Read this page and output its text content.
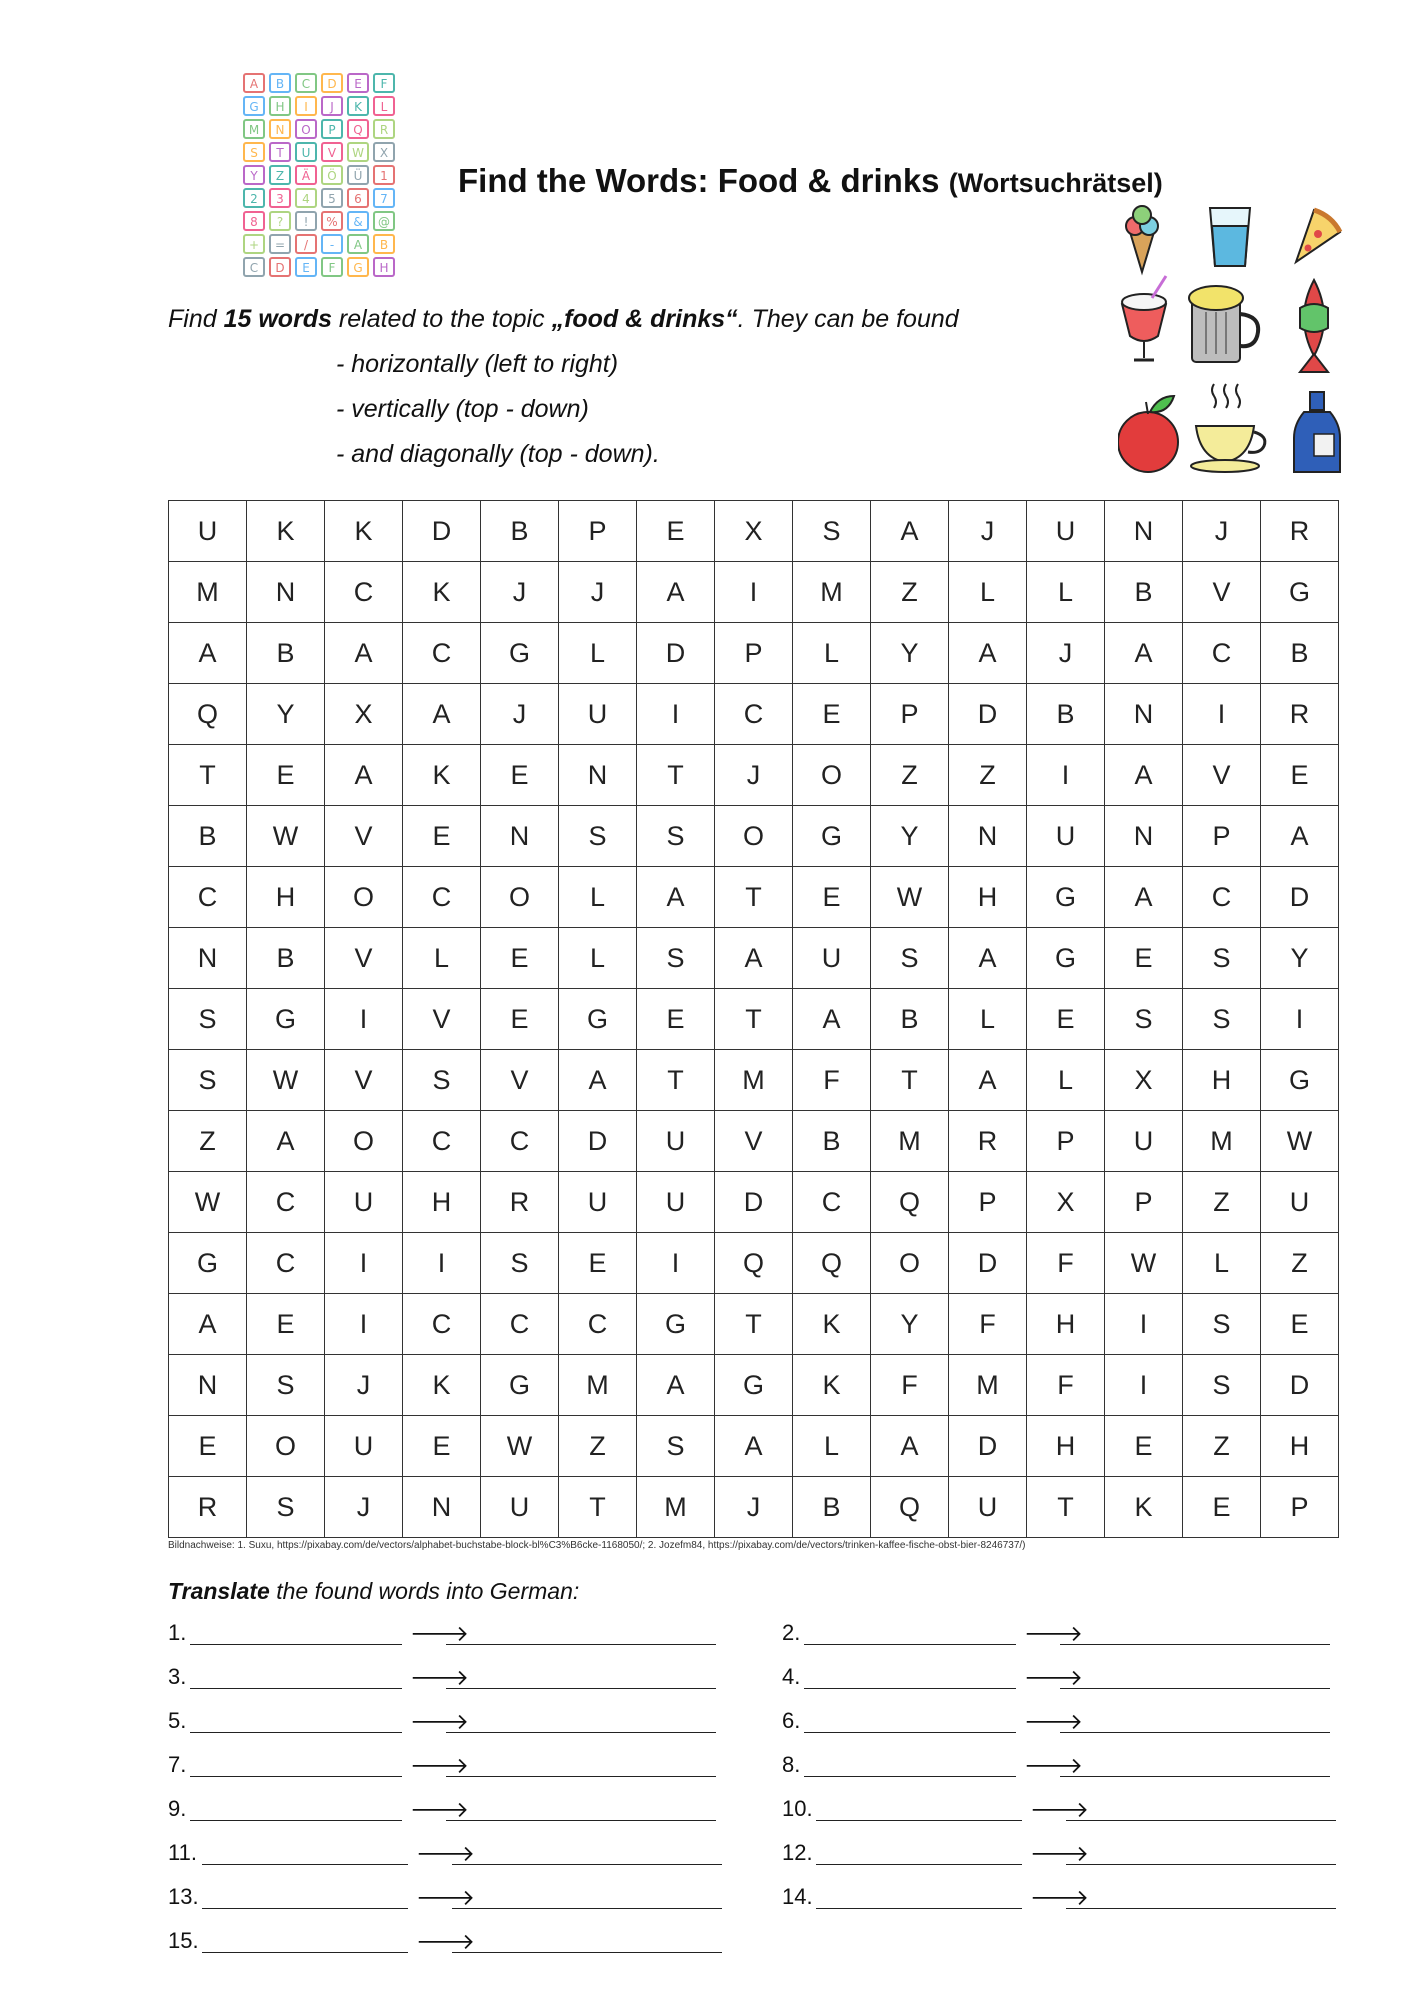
A B C D E F
G H I J K L
M N O P Q R
S T U V W X
Y Z Ä Ö Ü 1
2 3 4 5 6 7
8 ? ! % & @
+ = / - A B
C D E F G H
Find the Words: Food & drinks (Wortsuchrätsel)
Find 15 words related to the topic „food & drinks“. They can be found
- horizontally (left to right)
- vertically (top - down)
- and diagonally (top - down).
U	K	K	D	B	P	E	X	S	A	J	U	N	J	R
M	N	C	K	J	J	A	I	M	Z	L	L	B	V	G
A	B	A	C	G	L	D	P	L	Y	A	J	A	C	B
Q	Y	X	A	J	U	I	C	E	P	D	B	N	I	R
T	E	A	K	E	N	T	J	O	Z	Z	I	A	V	E
B	W	V	E	N	S	S	O	G	Y	N	U	N	P	A
C	H	O	C	O	L	A	T	E	W	H	G	A	C	D
N	B	V	L	E	L	S	A	U	S	A	G	E	S	Y
S	G	I	V	E	G	E	T	A	B	L	E	S	S	I
S	W	V	S	V	A	T	M	F	T	A	L	X	H	G
Z	A	O	C	C	D	U	V	B	M	R	P	U	M	W
W	C	U	H	R	U	U	D	C	Q	P	X	P	Z	U
G	C	I	I	S	E	I	Q	Q	O	D	F	W	L	Z
A	E	I	C	C	C	G	T	K	Y	F	H	I	S	E
N	S	J	K	G	M	A	G	K	F	M	F	I	S	D
E	O	U	E	W	Z	S	A	L	A	D	H	E	Z	H
R	S	J	N	U	T	M	J	B	Q	U	T	K	E	P
Bildnachweise: 1. Suxu, https://pixabay.com/de/vectors/alphabet-buchstabe-block-bl%C3%B6cke-1168050/; 2. Jozefm84, https://pixabay.com/de/vectors/trinken-kaffee-fische-obst-bier-8246737/)
Translate the found words into German:
1.	🡒	2.	🡒
3.	🡒	4.	🡒
5.	🡒	6.	🡒
7.	🡒	8.	🡒
9.	🡒	10.	🡒
11.	🡒	12.	🡒
13.	🡒	14.	🡒
15.	🡒
